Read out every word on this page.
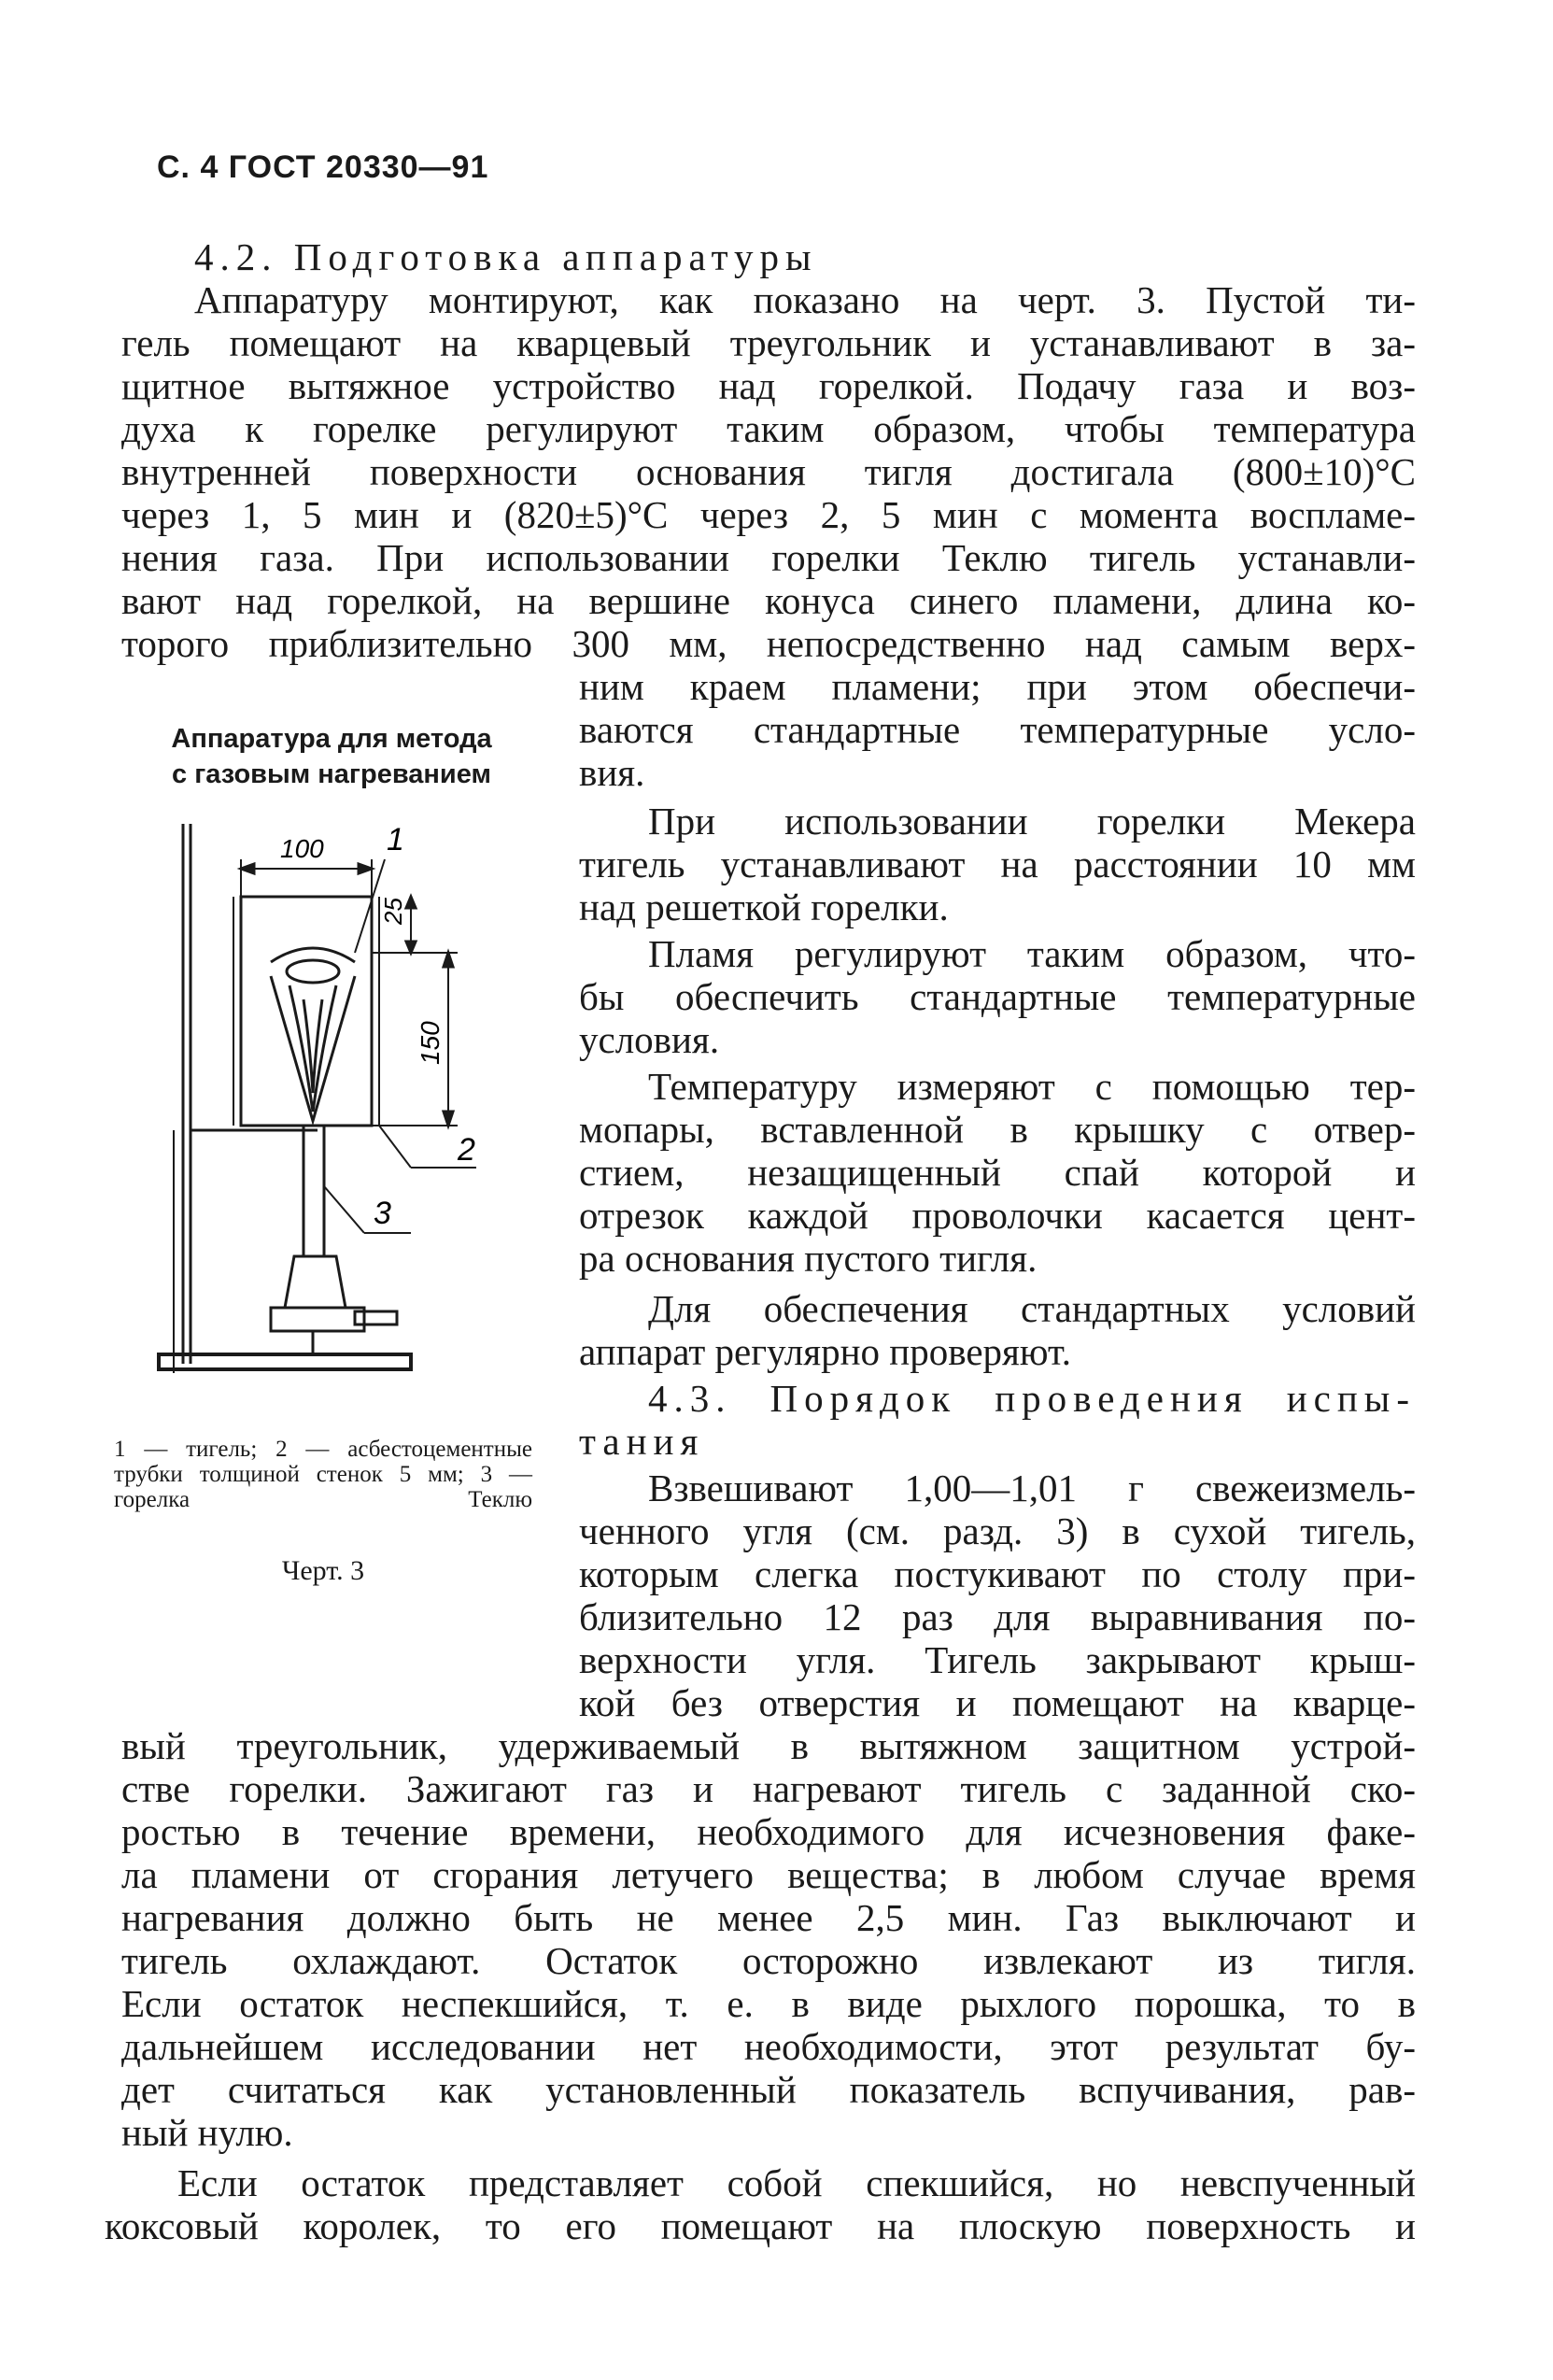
С. 4 ГОСТ 20330—91
4.2. Подготовка аппаратуры
Аппаратуру монтируют, как показано на черт. 3. Пустой ти-
гель помещают на кварцевый треугольник и устанавливают в за-
щитное вытяжное устройство над горелкой. Подачу газа и воз-
духа к горелке регулируют таким образом, чтобы температура
внутренней поверхности основания тигля достигала (800±10)°С
через 1, 5 мин и (820±5)°С через 2, 5 мин с момента воспламе-
нения газа. При использовании горелки Теклю тигель устанавли-
вают над горелкой, на вершине конуса синего пламени, длина ко-
торого приблизительно 300 мм, непосредственно над самым верх-
ним краем пламени; при этом обеспечи-
ваются стандартные температурные усло-
вия.
При использовании горелки Мекера
тигель устанавливают на расстоянии 10 мм
над решеткой горелки.
Пламя регулируют таким образом, что-
бы обеспечить стандартные температурные
условия.
Температуру измеряют с помощью тер-
мопары, вставленной в крышку с отвер-
стием, незащищенный спай которой и
отрезок каждой проволочки касается цент-
ра основания пустого тигля.
Для обеспечения стандартных условий
аппарат регулярно проверяют.
4.3. Порядок проведения испы-
тания
Взвешивают 1,00—1,01 г свежеизмель-
ченного угля (см. разд. 3) в сухой тигель,
которым слегка постукивают по столу при-
близительно 12 раз для выравнивания по-
верхности угля. Тигель закрывают крыш-
кой без отверстия и помещают на кварце-
вый треугольник, удерживаемый в вытяжном защитном устрой-
стве горелки. Зажигают газ и нагревают тигель с заданной ско-
ростью в течение времени, необходимого для исчезновения факе-
ла пламени от сгорания летучего вещества; в любом случае время
нагревания должно быть не менее 2,5 мин. Газ выключают и
тигель охлаждают. Остаток осторожно извлекают из тигля.
Если остаток неспекшийся, т. е. в виде рыхлого порошка, то в
дальнейшем исследовании нет необходимости, этот результат бу-
дет считаться как установленный показатель вспучивания, рав-
ный нулю.
Если остаток представляет собой спекшийся, но невспученный
коксовый королек, то его помещают на плоскую поверхность и
Аппаратура для метода
с газовым нагреванием
100
25
150
1
2
3
1 — тигель; 2 — асбестоцементные трубки толщиной стенок 5 мм; 3 — горелка Теклю
Черт. 3
